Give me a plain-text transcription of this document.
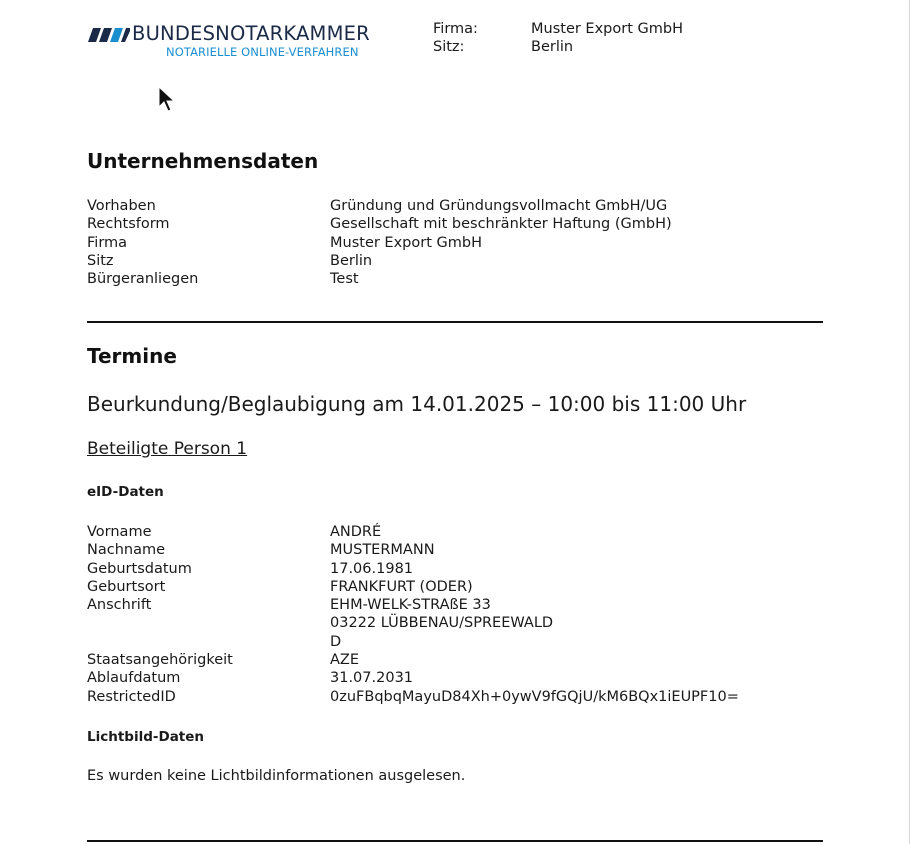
BUNDESNOTARKAMMER
NOTARIELLE ONLINE-VERFAHREN
Firma:	Muster Export GmbH
Sitz:	Berlin
Unternehmensdaten
Vorhaben	Gründung und Gründungsvollmacht GmbH/UG
Rechtsform	Gesellschaft mit beschränkter Haftung (GmbH)
Firma	Muster Export GmbH
Sitz	Berlin
Bürgeranliegen	Test
Termine
Beurkundung/Beglaubigung am 14.01.2025 – 10:00 bis 11:00 Uhr
Beteiligte Person 1
eID-Daten
Vorname	ANDRÉ
Nachname	MUSTERMANN
Geburtsdatum	17.06.1981
Geburtsort	FRANKFURT (ODER)
Anschrift	EHM-WELK-STRAßE 33
03222 LÜBBENAU/SPREEWALD
D
Staatsangehörigkeit	AZE
Ablaufdatum	31.07.2031
RestrictedID	0zuFBqbqMayuD84Xh+0ywV9fGQjU/kM6BQx1iEUPF10=
Lichtbild-Daten
Es wurden keine Lichtbildinformationen ausgelesen.
